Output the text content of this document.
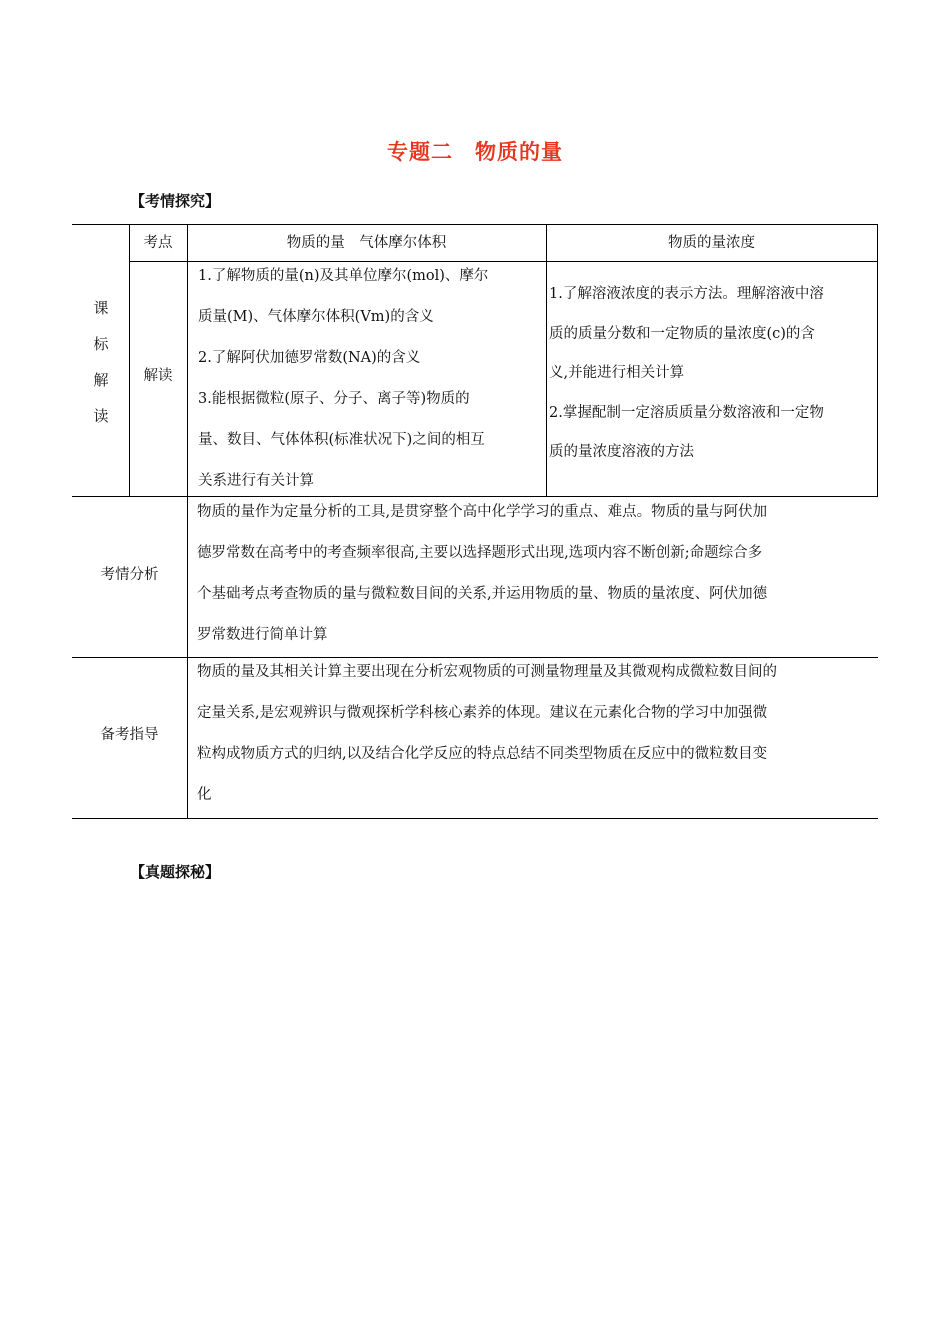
专题二　物质的量
【考情探究】
课
标
解
读
考点	物质的量　气体摩尔体积	物质的量浓度
解读
1.了解物质的量(n)及其单位摩尔(mol)、摩尔
质量(M)、气体摩尔体积(Vm)的含义
2.了解阿伏加德罗常数(NA)的含义
3.能根据微粒(原子、分子、离子等)物质的
量、数目、气体体积(标准状况下)之间的相互
关系进行有关计算
1.了解溶液浓度的表示方法。理解溶液中溶
质的质量分数和一定物质的量浓度(c)的含
义,并能进行相关计算
2.掌握配制一定溶质质量分数溶液和一定物
质的量浓度溶液的方法
考情分析
物质的量作为定量分析的工具,是贯穿整个高中化学学习的重点、难点。物质的量与阿伏加
德罗常数在高考中的考查频率很高,主要以选择题形式出现,选项内容不断创新;命题综合多
个基础考点考查物质的量与微粒数目间的关系,并运用物质的量、物质的量浓度、阿伏加德
罗常数进行简单计算
备考指导
物质的量及其相关计算主要出现在分析宏观物质的可测量物理量及其微观构成微粒数目间的
定量关系,是宏观辨识与微观探析学科核心素养的体现。建议在元素化合物的学习中加强微
粒构成物质方式的归纳,以及结合化学反应的特点总结不同类型物质在反应中的微粒数目变
化
【真题探秘】
